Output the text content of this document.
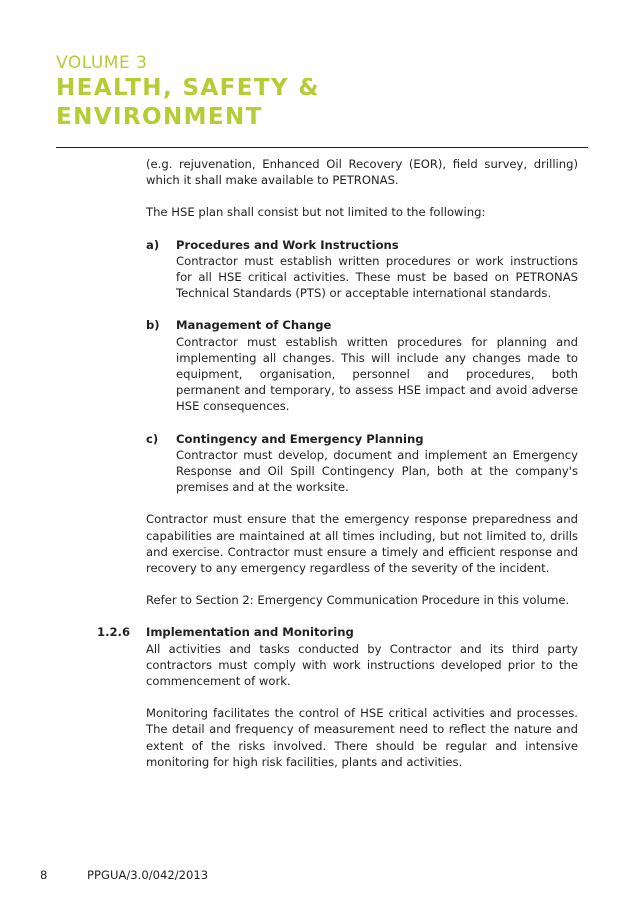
VOLUME 3
HEALTH, SAFETY &
ENVIRONMENT

(e.g. rejuvenation, Enhanced Oil Recovery (EOR), field survey, drilling) which it shall make available to PETRONAS.

The HSE plan shall consist but not limited to the following:

a)	Procedures and Work Instructions

Contractor must establish written procedures or work instructions for all HSE critical activities. These must be based on PETRONAS Technical Standards (PTS) or acceptable international standards.

b)	Management of Change

Contractor must establish written procedures for planning and implementing all changes. This will include any changes made to equipment, organisation, personnel and procedures, both permanent and temporary, to assess HSE impact and avoid adverse HSE consequences.

c)	Contingency and Emergency Planning

Contractor must develop, document and implement an Emergency Response and Oil Spill Contingency Plan, both at the company's premises and at the worksite.

Contractor must ensure that the emergency response preparedness and capabilities are maintained at all times including, but not limited to, drills and exercise. Contractor must ensure a timely and efficient response and recovery to any emergency regardless of the severity of the incident.

Refer to Section 2: Emergency Communication Procedure in this volume.

1.2.6 Implementation and Monitoring

All activities and tasks conducted by Contractor and its third party contractors must comply with work instructions developed prior to the commencement of work.

Monitoring facilitates the control of HSE critical activities and processes. The detail and frequency of measurement need to reflect the nature and extent of the risks involved. There should be regular and intensive monitoring for high risk facilities, plants and activities.

8	PPGUA/3.0/042/2013
